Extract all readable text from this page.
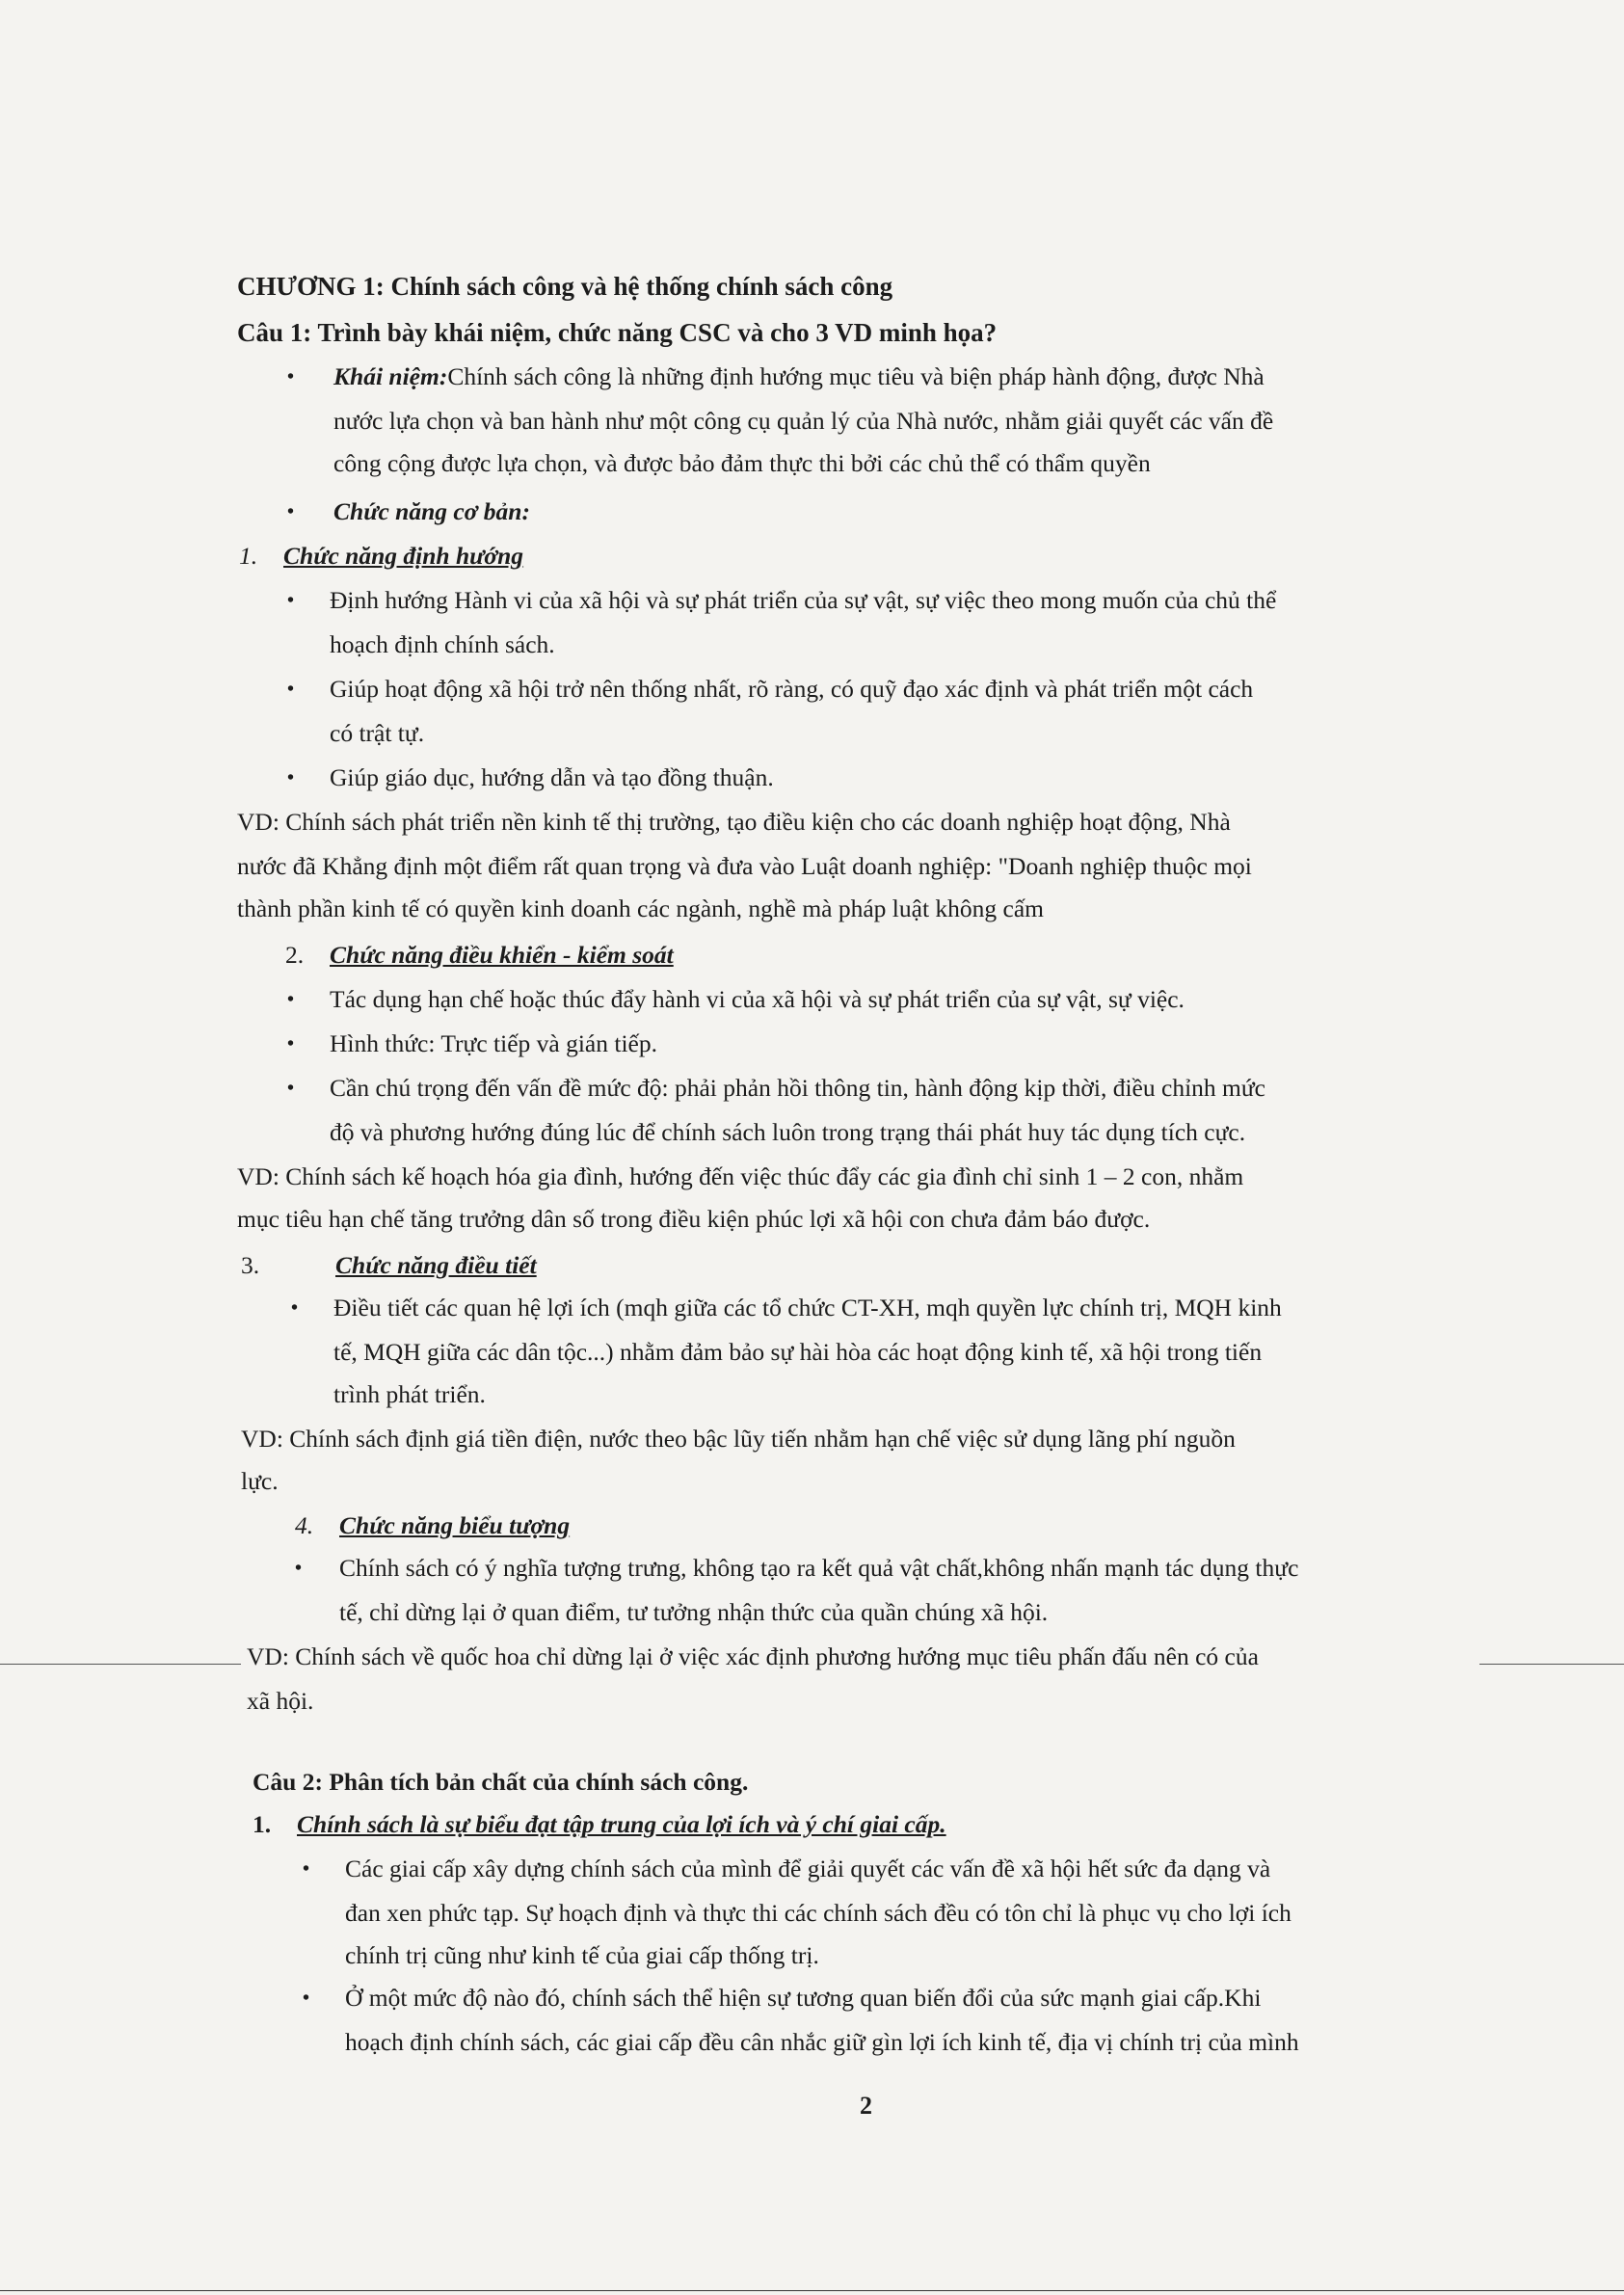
CHƯƠNG 1: Chính sách công và hệ thống chính sách công
Câu 1: Trình bày khái niệm, chức năng CSC và cho 3 VD minh họa?
• Khái niệm:Chính sách công là những định hướng mục tiêu và biện pháp hành động, được Nhà
nước lựa chọn và ban hành như một công cụ quản lý của Nhà nước, nhằm giải quyết các vấn đề
công cộng được lựa chọn, và được bảo đảm thực thi bởi các chủ thể có thẩm quyền
• Chức năng cơ bản:
1. Chức năng định hướng
• Định hướng Hành vi của xã hội và sự phát triển của sự vật, sự việc theo mong muốn của chủ thể
hoạch định chính sách.
• Giúp hoạt động xã hội trở nên thống nhất, rõ ràng, có quỹ đạo xác định và phát triển một cách
có trật tự.
• Giúp giáo dục, hướng dẫn và tạo đồng thuận.
VD: Chính sách phát triển nền kinh tế thị trường, tạo điều kiện cho các doanh nghiệp hoạt động, Nhà
nước đã Khẳng định một điểm rất quan trọng và đưa vào Luật doanh nghiệp: "Doanh nghiệp thuộc mọi
thành phần kinh tế có quyền kinh doanh các ngành, nghề mà pháp luật không cấm
2. Chức năng điều khiển - kiểm soát
• Tác dụng hạn chế hoặc thúc đẩy hành vi của xã hội và sự phát triển của sự vật, sự việc.
• Hình thức: Trực tiếp và gián tiếp.
• Cần chú trọng đến vấn đề mức độ: phải phản hồi thông tin, hành động kịp thời, điều chỉnh mức
độ và phương hướng đúng lúc để chính sách luôn trong trạng thái phát huy tác dụng tích cực.
VD: Chính sách kế hoạch hóa gia đình, hướng đến việc thúc đẩy các gia đình chỉ sinh 1 – 2 con, nhằm
mục tiêu hạn chế tăng trưởng dân số trong điều kiện phúc lợi xã hội con chưa đảm báo được.
3.	Chức năng điều tiết
• Điều tiết các quan hệ lợi ích (mqh giữa các tổ chức CT-XH, mqh quyền lực chính trị, MQH kinh
tế, MQH giữa các dân tộc...) nhằm đảm bảo sự hài hòa các hoạt động kinh tế, xã hội trong tiến
trình phát triển.
VD: Chính sách định giá tiền điện, nước theo bậc lũy tiến nhằm hạn chế việc sử dụng lãng phí nguồn
lực.
4. Chức năng biểu tượng
• Chính sách có ý nghĩa tượng trưng, không tạo ra kết quả vật chất,không nhấn mạnh tác dụng thực
tế, chỉ dừng lại ở quan điểm, tư tưởng nhận thức của quần chúng xã hội.
VD: Chính sách về quốc hoa chỉ dừng lại ở việc xác định phương hướng mục tiêu phấn đấu nên có của
xã hội.
Câu 2: Phân tích bản chất của chính sách công.
1. Chính sách là sự biểu đạt tập trung của lợi ích và ý chí giai cấp.
• Các giai cấp xây dựng chính sách của mình để giải quyết các vấn đề xã hội hết sức đa dạng và
đan xen phức tạp. Sự hoạch định và thực thi các chính sách đều có tôn chỉ là phục vụ cho lợi ích
chính trị cũng như kinh tế của giai cấp thống trị.
• Ở một mức độ nào đó, chính sách thể hiện sự tương quan biến đổi của sức mạnh giai cấp.Khi
hoạch định chính sách, các giai cấp đều cân nhắc giữ gìn lợi ích kinh tế, địa vị chính trị của mình
2
